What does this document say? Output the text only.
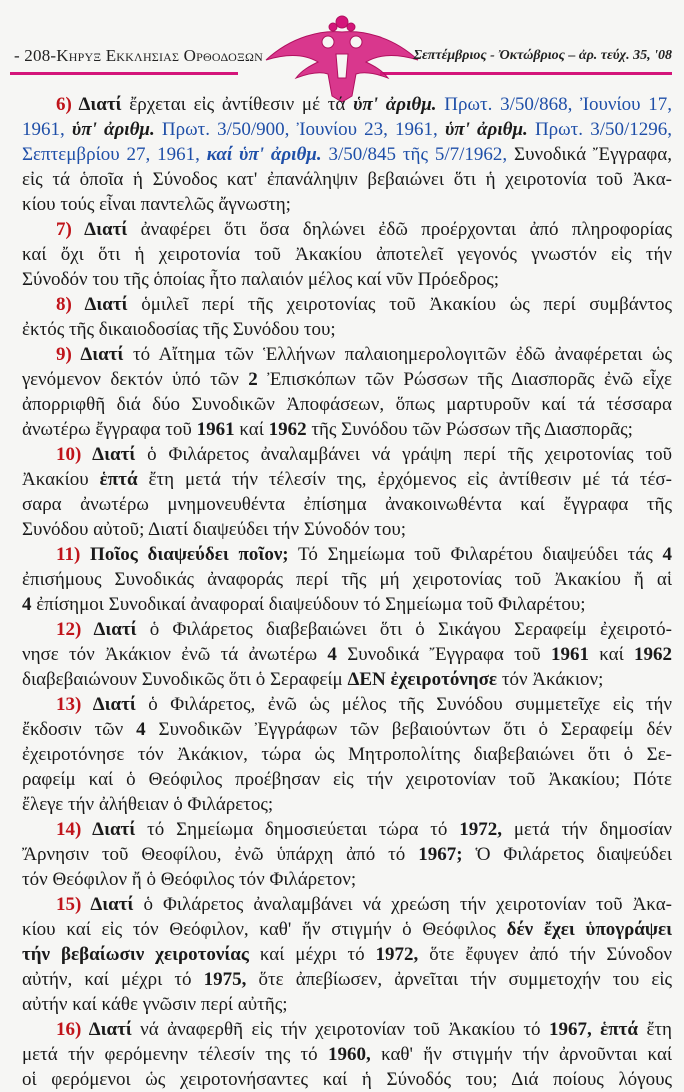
- 208-Κηρυξ Εκκλησιας Ορθοδοξων	Σεπτέμβριος - Ὀκτώβριος – ἀρ. τεύχ. 35, '08
6) Διατί ἔρχεται εἰς ἀντίθεσιν μέ τά ὑπ' ἀριθμ. Πρωτ. 3/50/868, Ἰουνίου 17,
1961, ὑπ' ἀριθμ. Πρωτ. 3/50/900, Ἰουνίου 23, 1961, ὑπ' ἀριθμ. Πρωτ. 3/50/1296,
Σεπτεμβρίου 27, 1961, καί ὑπ' ἀριθμ. 3/50/845 τῆς 5/7/1962, Συνοδικά Ἔγγραφα,
εἰς τά ὁποῖα ἡ Σύνοδος κατ' ἐπανάληψιν βεβαιώνει ὅτι ἡ χειροτονία τοῦ Ἀκα-
κίου τούς εἶναι παντελῶς ἄγνωστη;
7) Διατί ἀναφέρει ὅτι ὅσα δηλώνει ἐδῶ προέρχονται ἀπό πληροφορίας
καί ὄχι ὅτι ἡ χειροτονία τοῦ Ἀκακίου ἀποτελεῖ γεγονός γνωστόν εἰς τήν
Σύνοδόν του τῆς ὁποίας ἦτο παλαιόν μέλος καί νῦν Πρόεδρος;
8) Διατί ὁμιλεῖ περί τῆς χειροτονίας τοῦ Ἀκακίου ὡς περί συμβάντος
ἐκτός τῆς δικαιοδοσίας τῆς Συνόδου του;
9) Διατί τό Αἴτημα τῶν Ἑλλήνων παλαιοημερολογιτῶν ἐδῶ ἀναφέρεται ὡς
γενόμενον δεκτόν ὑπό τῶν 2 Ἐπισκόπων τῶν Ρώσσων τῆς Διασπορᾶς ἐνῶ εἶχε
ἀπορριφθῆ διά δύο Συνοδικῶν Ἀποφάσεων, ὅπως μαρτυροῦν καί τά τέσσαρα
ἀνωτέρω ἔγγραφα τοῦ 1961 καί 1962 τῆς Συνόδου τῶν Ρώσσων τῆς Διασπορᾶς;
10) Διατί ὁ Φιλάρετος ἀναλαμβάνει νά γράψη περί τῆς χειροτονίας τοῦ
Ἀκακίου ἑπτά ἔτη μετά τήν τέλεσίν της, ἐρχόμενος εἰς ἀντίθεσιν μέ τά τέσ-
σαρα ἀνωτέρω μνημονευθέντα ἐπίσημα ἀνακοινωθέντα καί ἔγγραφα τῆς
Συνόδου αὐτοῦ; Διατί διαψεύδει τήν Σύνοδόν του;
11) Ποῖος διαψεύδει ποῖον; Τό Σημείωμα τοῦ Φιλαρέτου διαψεύδει τάς 4
ἐπισήμους Συνοδικάς ἀναφοράς περί τῆς μή χειροτονίας τοῦ Ἀκακίου ἤ αἱ
4 ἐπίσημοι Συνοδικαί ἀναφοραί διαψεύδουν τό Σημείωμα τοῦ Φιλαρέτου;
12) Διατί ὁ Φιλάρετος διαβεβαιώνει ὅτι ὁ Σικάγου Σεραφείμ ἐχειροτό-
νησε τόν Ἀκάκιον ἐνῶ τά ἀνωτέρω 4 Συνοδικά Ἔγγραφα τοῦ 1961 καί 1962
διαβεβαιώνουν Συνοδικῶς ὅτι ὁ Σεραφείμ ΔΕΝ ἐχειροτόνησε τόν Ἀκάκιον;
13) Διατί ὁ Φιλάρετος, ἐνῶ ὡς μέλος τῆς Συνόδου συμμετεῖχε εἰς τήν
ἔκδοσιν τῶν 4 Συνοδικῶν Ἐγγράφων τῶν βεβαιούντων ὅτι ὁ Σεραφείμ δέν
ἐχειροτόνησε τόν Ἀκάκιον, τώρα ὡς Μητροπολίτης διαβεβαιώνει ὅτι ὁ Σε-
ραφείμ καί ὁ Θεόφιλος προέβησαν εἰς τήν χειροτονίαν τοῦ Ἀκακίου; Πότε
ἔλεγε τήν ἀλήθειαν ὁ Φιλάρετος;
14) Διατί τό Σημείωμα δημοσιεύεται τώρα τό 1972, μετά τήν δημοσίαν
Ἄρνησιν τοῦ Θεοφίλου, ἐνῶ ὑπάρχη ἀπό τό 1967; Ὁ Φιλάρετος διαψεύδει
τόν Θεόφιλον ἤ ὁ Θεόφιλος τόν Φιλάρετον;
15) Διατί ὁ Φιλάρετος ἀναλαμβάνει νά χρεώση τήν χειροτονίαν τοῦ Ἀκα-
κίου καί εἰς τόν Θεόφιλον, καθ' ἥν στιγμήν ὁ Θεόφιλος δέν ἔχει ὑπογράψει
τήν βεβαίωσιν χειροτονίας καί μέχρι τό 1972, ὅτε ἔφυγεν ἀπό τήν Σύνοδον
αὐτήν, καί μέχρι τό 1975, ὅτε ἀπεβίωσεν, ἀρνεῖται τήν συμμετοχήν του εἰς
αὐτήν καί κάθε γνῶσιν περί αὐτῆς;
16) Διατί νά ἀναφερθῆ εἰς τήν χειροτονίαν τοῦ Ἀκακίου τό 1967, ἑπτά ἔτη
μετά τήν φερόμενην τέλεσίν της τό 1960, καθ' ἥν στιγμήν τήν ἀρνοῦνται καί
οἱ φερόμενοι ὡς χειροτονήσαντες καί ἡ Σύνοδός του; Διά ποίους λόγους
